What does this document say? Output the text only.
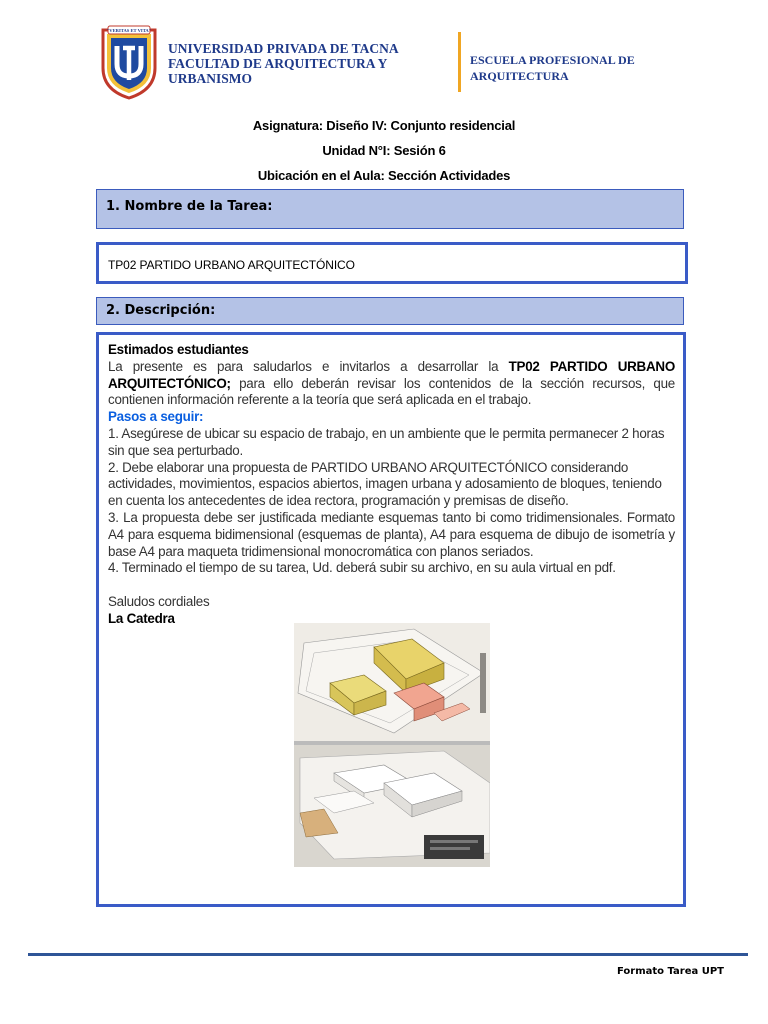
"VERITAS ET VITA"
UNIVERSIDAD PRIVADA DE TACNA
FACULTAD DE ARQUITECTURA Y
URBANISMO
ESCUELA PROFESIONAL DE
ARQUITECTURA
Asignatura: Diseño IV: Conjunto residencial
Unidad N°I: Sesión 6
Ubicación en el Aula: Sección Actividades
1. Nombre de la Tarea:
TP02 PARTIDO URBANO ARQUITECTÓNICO
2. Descripción:

Estimados estudiantes

La presente es para saludarlos e invitarlos a desarrollar la TP02 PARTIDO URBANO ARQUITECTÓNICO; para ello deberán revisar los contenidos de la sección recursos, que contienen información referente a la teoría que será aplicada en el trabajo.

Pasos a seguir:

1. Asegúrese de ubicar su espacio de trabajo, en un ambiente que le permita permanecer 2 horas sin que sea perturbado.

2. Debe elaborar una propuesta de PARTIDO URBANO ARQUITECTÓNICO considerando actividades, movimientos, espacios abiertos, imagen urbana y adosamiento de bloques, teniendo en cuenta los antecedentes de idea rectora, programación y premisas de diseño.

3. La propuesta debe ser justificada mediante esquemas tanto bi como tridimensionales. Formato A4 para esquema bidimensional (esquemas de planta), A4 para esquema de dibujo de isometría y base A4 para maqueta tridimensional monocromática con planos seriados.

4. Terminado el tiempo de su tarea, Ud. deberá subir su archivo, en su aula virtual en pdf.

Saludos cordiales

La Catedra

Formato Tarea UPT
